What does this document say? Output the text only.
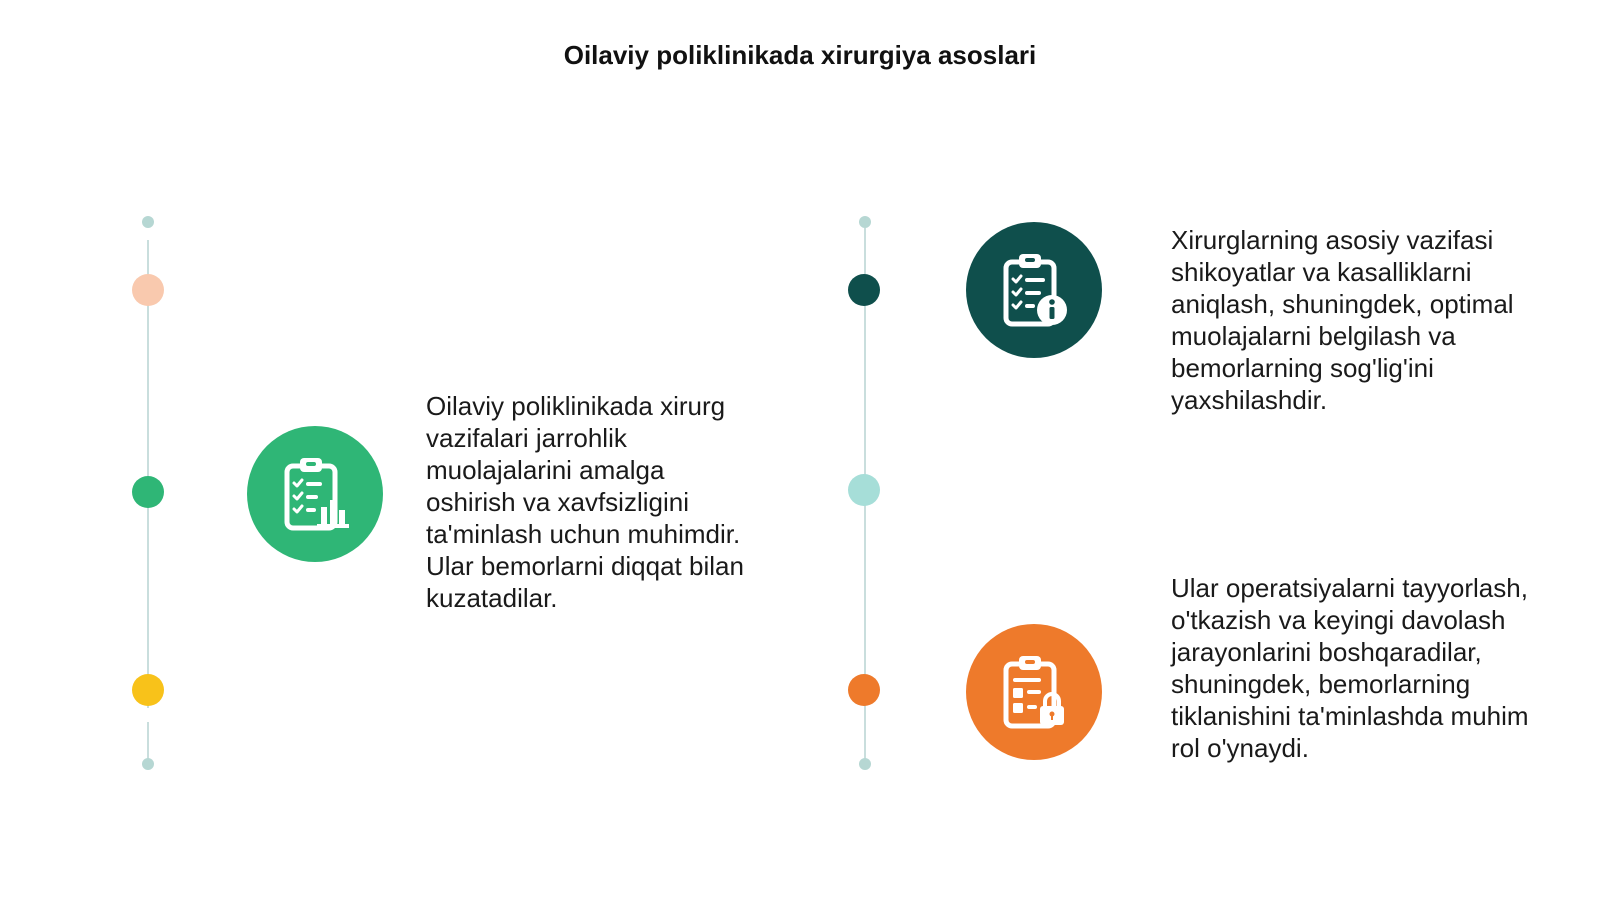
Oilaviy poliklinikada xirurgiya asoslari
Oilaviy poliklinikada xirurg vazifalari jarrohlik muolajalarini amalga oshirish va xavfsizligini ta'minlash uchun muhimdir. Ular bemorlarni diqqat bilan kuzatadilar.
Xirurglarning asosiy vazifasi shikoyatlar va kasalliklarni aniqlash, shuningdek, optimal muolajalarni belgilash va bemorlarning sog'lig'ini yaxshilashdir.
Ular operatsiyalarni tayyorlash, o'tkazish va keyingi davolash jarayonlarini boshqaradilar, shuningdek, bemorlarning tiklanishini ta'minlashda muhim rol o'ynaydi.
